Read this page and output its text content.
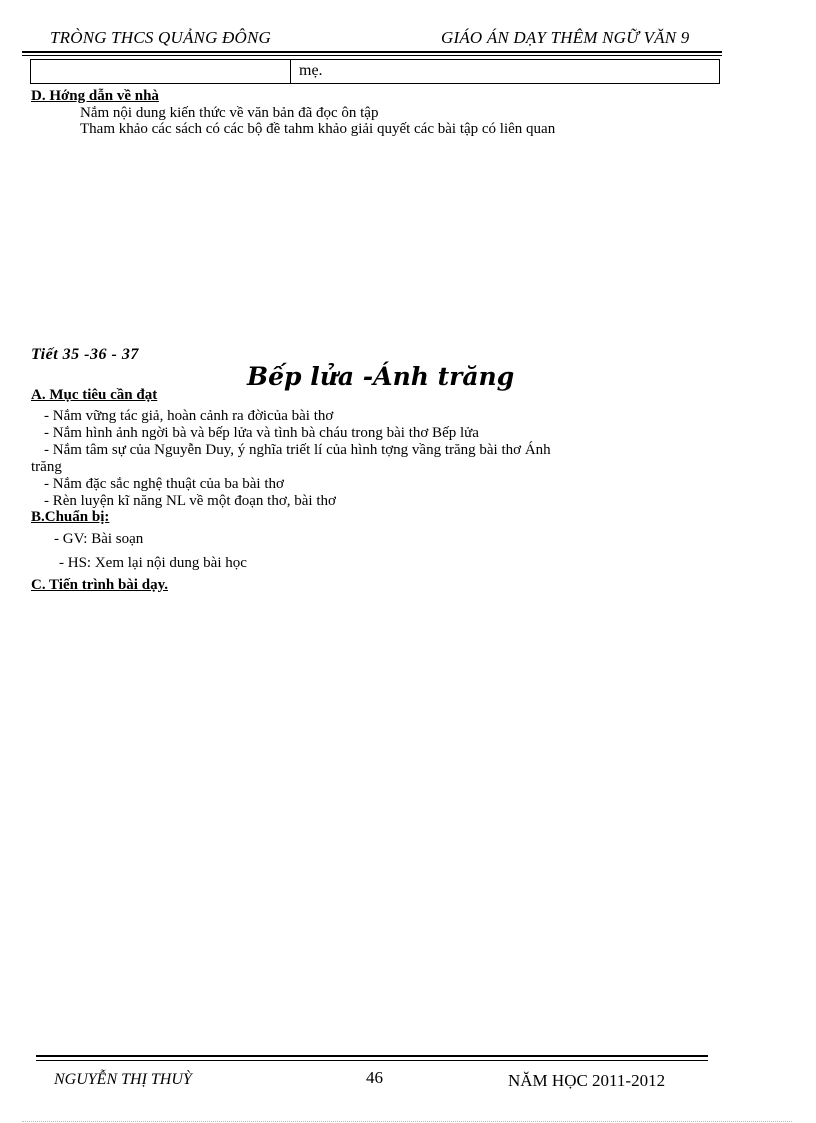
TRÒNG THCS QUẢNG ĐÔNG	GIÁO ÁN DẠY THÊM NGỮ VĂN 9
mẹ.
D. Hớng dẫn về nhà
Nắm nội dung kiến thức về văn bản đã đọc ôn tập
Tham khảo các sách có các bộ đề tahm khảo giải quyết các bài tập có liên quan
Tiết 35 -36 - 37
Bếp lửa -Ánh trăng
A. Mục tiêu cần đạt
- Nắm vững tác giả, hoàn cảnh ra đờicủa bài thơ
- Nắm hình ảnh ngời bà và bếp lửa và tình bà cháu trong bài thơ Bếp lửa
- Nắm tâm sự của Nguyễn Duy, ý nghĩa triết lí của hình tợng vầng trăng bài thơ Ánh
trăng
- Nắm đặc sắc nghệ thuật của ba bài thơ
- Rèn luyện kĩ năng NL về một đoạn thơ, bài thơ
B.Chuẩn bị:
- GV: Bài soạn
- HS: Xem lại nội dung bài học
C. Tiến trình bài dạy.
NGUYỄN THỊ THUỲ	46	NĂM HỌC 2011-2012
